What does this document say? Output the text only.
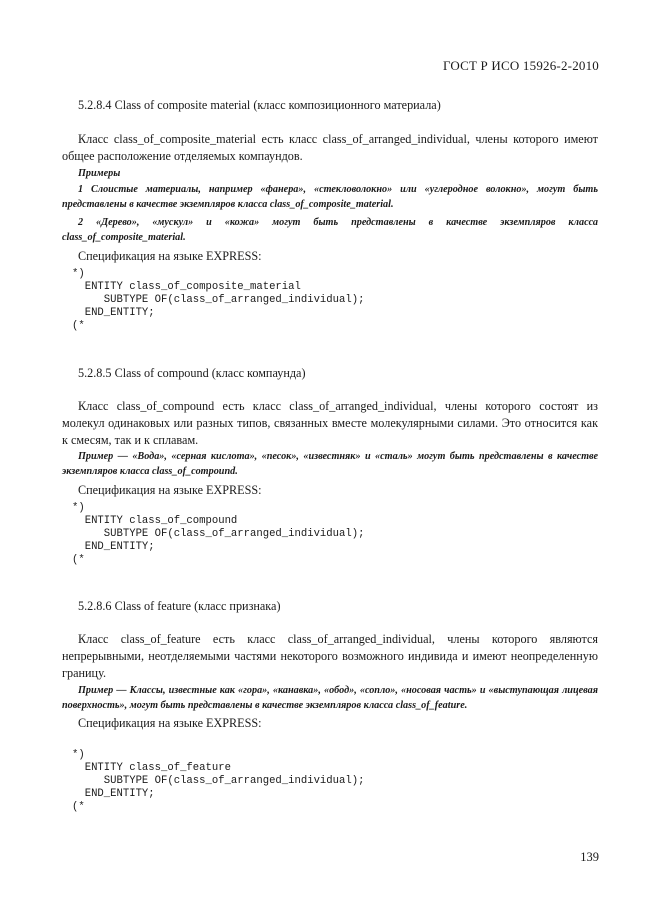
ГОСТ Р ИСО 15926-2-2010
5.2.8.4 Class of composite material (класс композиционного материала)

Класс class_of_composite_material есть класс class_of_arranged_individual, члены которого имеют общее расположение отделяемых компаундов.

Примеры

1 Слоистые материалы, например «фанера», «стекловолокно» или «углеродное волокно», могут быть представлены в качестве экземпляров класса class_of_composite_material.

2 «Дерево», «мускул» и «кожа» могут быть представлены в качестве экземпляров класса class_of_composite_material.

Спецификация на языке EXPRESS:
*)
ENTITY class_of_composite_material
SUBTYPE OF(class_of_arranged_individual);
END_ENTITY;
(*
5.2.8.5 Class of compound (класс компаунда)

Класс class_of_compound есть класс class_of_arranged_individual, члены которого состоят из молекул одинаковых или разных типов, связанных вместе молекулярными силами. Это относится как к смесям, так и к сплавам.

Пример — «Вода», «серная кислота», «песок», «известняк» и «сталь» могут быть представлены в качестве экземпляров класса class_of_compound.

Спецификация на языке EXPRESS:
*)
ENTITY class_of_compound
SUBTYPE OF(class_of_arranged_individual);
END_ENTITY;
(*
5.2.8.6 Class of feature (класс признака)

Класс class_of_feature есть класс class_of_arranged_individual, члены которого являются непрерывными, неотделяемыми частями некоторого возможного индивида и имеют неопределенную границу.

Пример — Классы, известные как «гора», «канавка», «обод», «сопло», «носовая часть» и «выступающая лицевая поверхность», могут быть представлены в качестве экземпляров класса class_of_feature.

Спецификация на языке EXPRESS:
*)
ENTITY class_of_feature
SUBTYPE OF(class_of_arranged_individual);
END_ENTITY;
(*
139
